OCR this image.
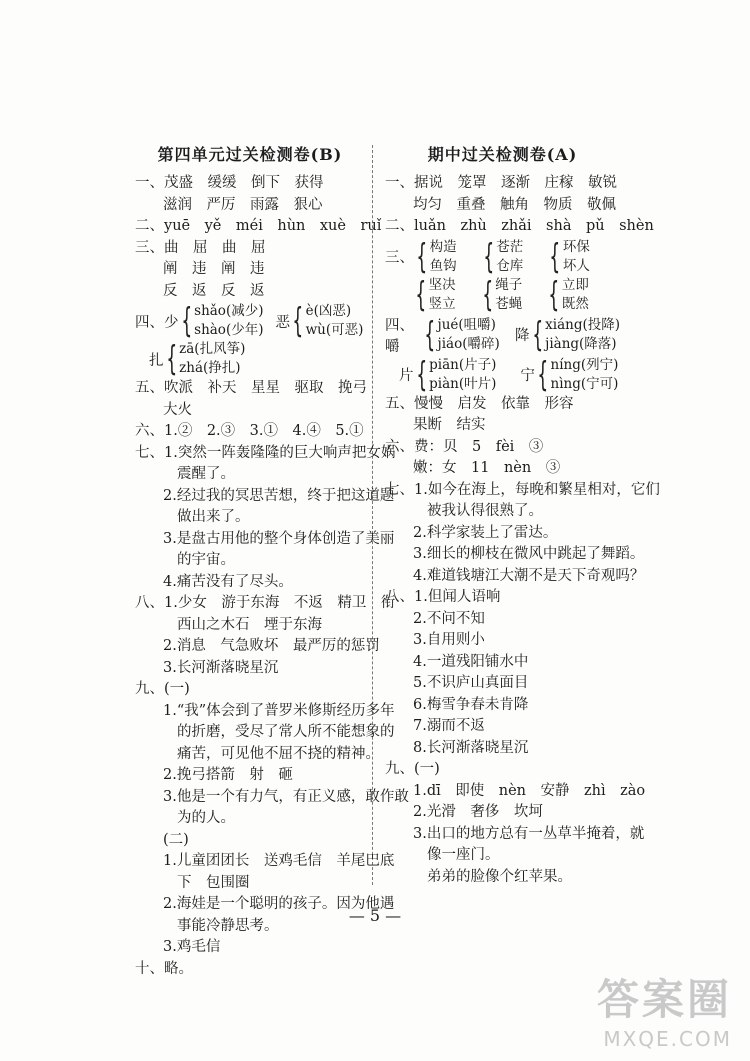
第四单元过关检测卷(B)
一、茂盛　缓缓　倒下　获得
滋润　严厉　雨露　狠心
二、yuē　yě　méi　hùn　xuè　ruǐ
三、曲　屈　曲　屈
阐　违　阐　违
反　返　反　返
四、少 { shǎo(减少)
shào(少年) 恶 { è(凶恶)
wù(可恶)
扎 { zā(扎风筝)
zhá(挣扎)
五、吹派　补天　星星　驱取　挽弓
大火
六、1.②　2.③　3.①　4.④　5.①
七、1.突然一阵轰隆隆的巨大响声把女娲
震醒了。
2.经过我的冥思苦想，终于把这道题
做出来了。
3.是盘古用他的整个身体创造了美丽
的宇宙。
4.痛苦没有了尽头。
八、1.少女　游于东海　不返　精卫　衔
西山之木石　堙于东海
2.消息　气急败坏　最严厉的惩罚
3.长河渐落晓星沉
九、(一)
1.“我”体会到了普罗米修斯经历多年
的折磨，受尽了常人所不能想象的
痛苦，可见他不屈不挠的精神。
2.挽弓搭箭　射　砸
3.他是一个有力气，有正义感，敢作敢
为的人。
(二)
1.儿童团团长　送鸡毛信　羊尾巴底
下　包围圈
2.海娃是一个聪明的孩子。因为他遇
事能冷静思考。
3.鸡毛信
十、略。
期中过关检测卷(A)
一、据说　笼罩　逐渐　庄稼　敏锐
均匀　重叠　触角　物质　敬佩
二、luǎn　zhù　zhǎi　shà　pǔ　shèn
三、 { 构造
鱼钩 { 苍茫
仓库 { 环保
坏人
{ 坚决
竖立 { 绳子
苍蝇 { 立即
既然
四、嚼 { jué(咀嚼)
jiáo(嚼碎) 降 { xiáng(投降)
jiàng(降落)
片 { piān(片子)
piàn(叶片) 宁 { níng(列宁)
nìng(宁可)
五、慢慢　启发　依靠　形容
果断　结实
六、费：贝　5　fèi　③
嫩：女　11　nèn　③
七、1.如今在海上，每晚和繁星相对，它们
被我认得很熟了。
2.科学家装上了雷达。
3.细长的柳枝在微风中跳起了舞蹈。
4.难道钱塘江大潮不是天下奇观吗？
八、1.但闻人语响
2.不问不知
3.自用则小
4.一道残阳铺水中
5.不识庐山真面目
6.梅雪争春未肯降
7.溺而不返
8.长河渐落晓星沉
九、(一)
1.dī　即使　nèn　安静　zhì　zào
2.光滑　奢侈　坎坷
3.出口的地方总有一丛草半掩着，就
像一座门。
弟弟的脸像个红苹果。
— 5 —
答案圈
MXQE.COM
